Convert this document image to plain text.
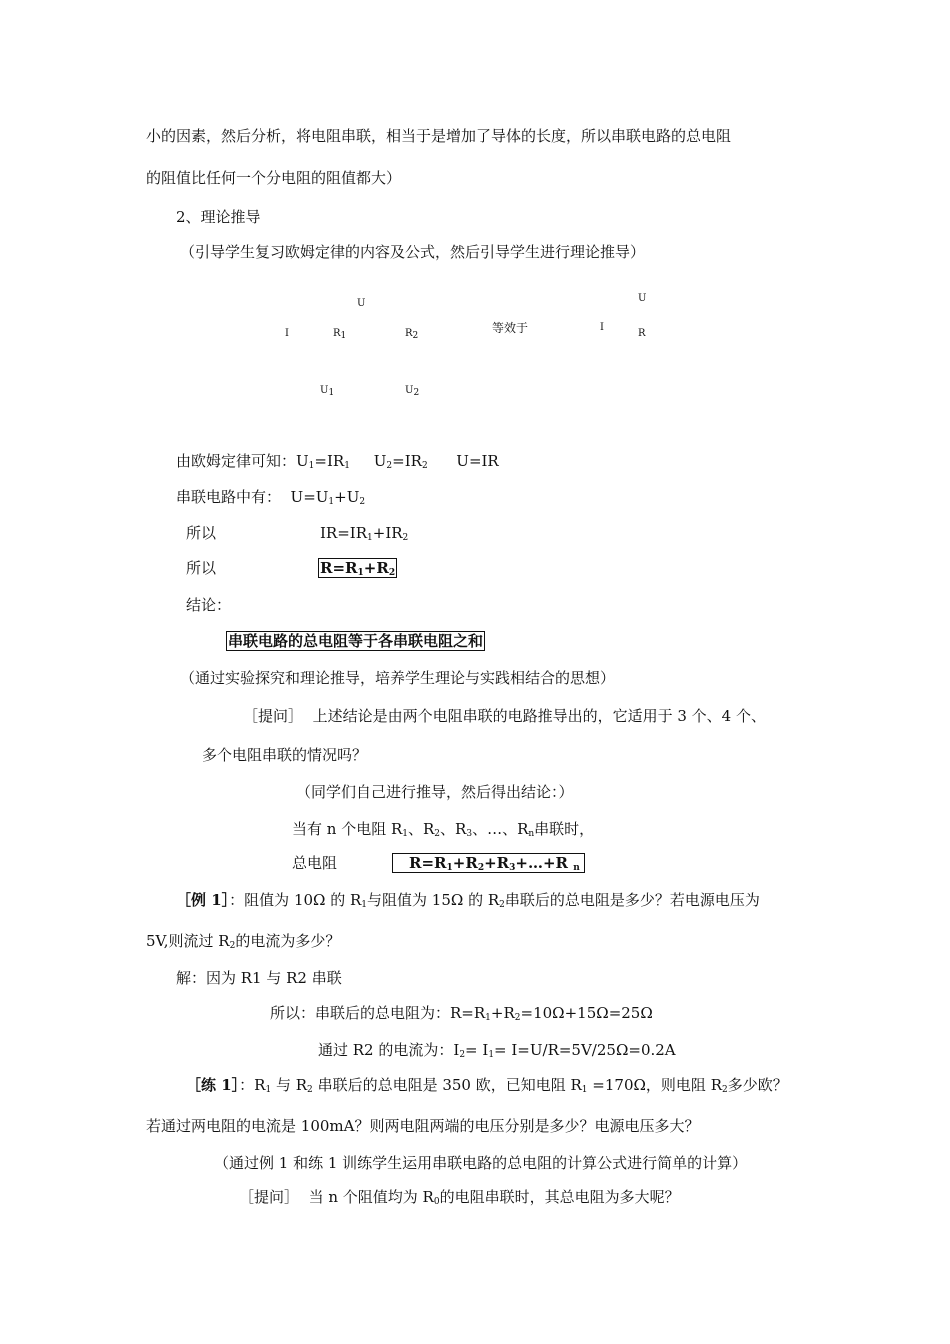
小的因素，然后分析，将电阻串联，相当于是增加了导体的长度，所以串联电路的总电阻
的阻值比任何一个分电阻的阻值都大）
2、理论推导
（引导学生复习欧姆定律的内容及公式，然后引导学生进行理论推导）
U
I	$R_1$	$R_2$
等效于	I
U
R
$U_1$	$U_2$
由欧姆定律可知：$U_1=IR_1$     $U_2=IR_2$      U=IR
串联电路中有：  $U=U_1+U_2$
所以	$IR=IR_1+IR_2$
所以	$R=R_1+R_2$
结论：
串联电路的总电阻等于各串联电阻之和
（通过实验探究和理论推导，培养学生理论与实践相结合的思想）
［提问］ 上述结论是由两个电阻串联的电路推导出的，它适用于 3 个、4 个、
多个电阻串联的情况吗？
（同学们自己进行推导，然后得出结论：）
当有 n 个电阻 $R_1$、$R_2$、$R_3$、…、$R_n$串联时，
总电阻	$R=R_1+R_2+R_3+\dots+R$ $_n$
［例 1］：阻值为 10Ω 的 $R_1$与阻值为 15Ω 的 $R_2$串联后的总电阻是多少？若电源电压为
5V,则流过 $R_2$的电流为多少？
解：因为 R1 与 R2 串联
所以：串联后的总电阻为：$R=R_1+R_2=10\Omega+15\Omega=25\Omega$
通过 R2 的电流为：$I_2= I_1= I=U/R=5V/25\Omega=0.2A$
［练 1］：$R_1$ 与 $R_2$ 串联后的总电阻是 350 欧，已知电阻 $R_1 =170\Omega$，则电阻 $R_2$多少欧？
若通过两电阻的电流是 100mA？则两电阻两端的电压分别是多少？电源电压多大？
（通过例 1 和练 1 训练学生运用串联电路的总电阻的计算公式进行简单的计算）
［提问］ 当 n 个阻值均为 $R_0$的电阻串联时，其总电阻为多大呢？
